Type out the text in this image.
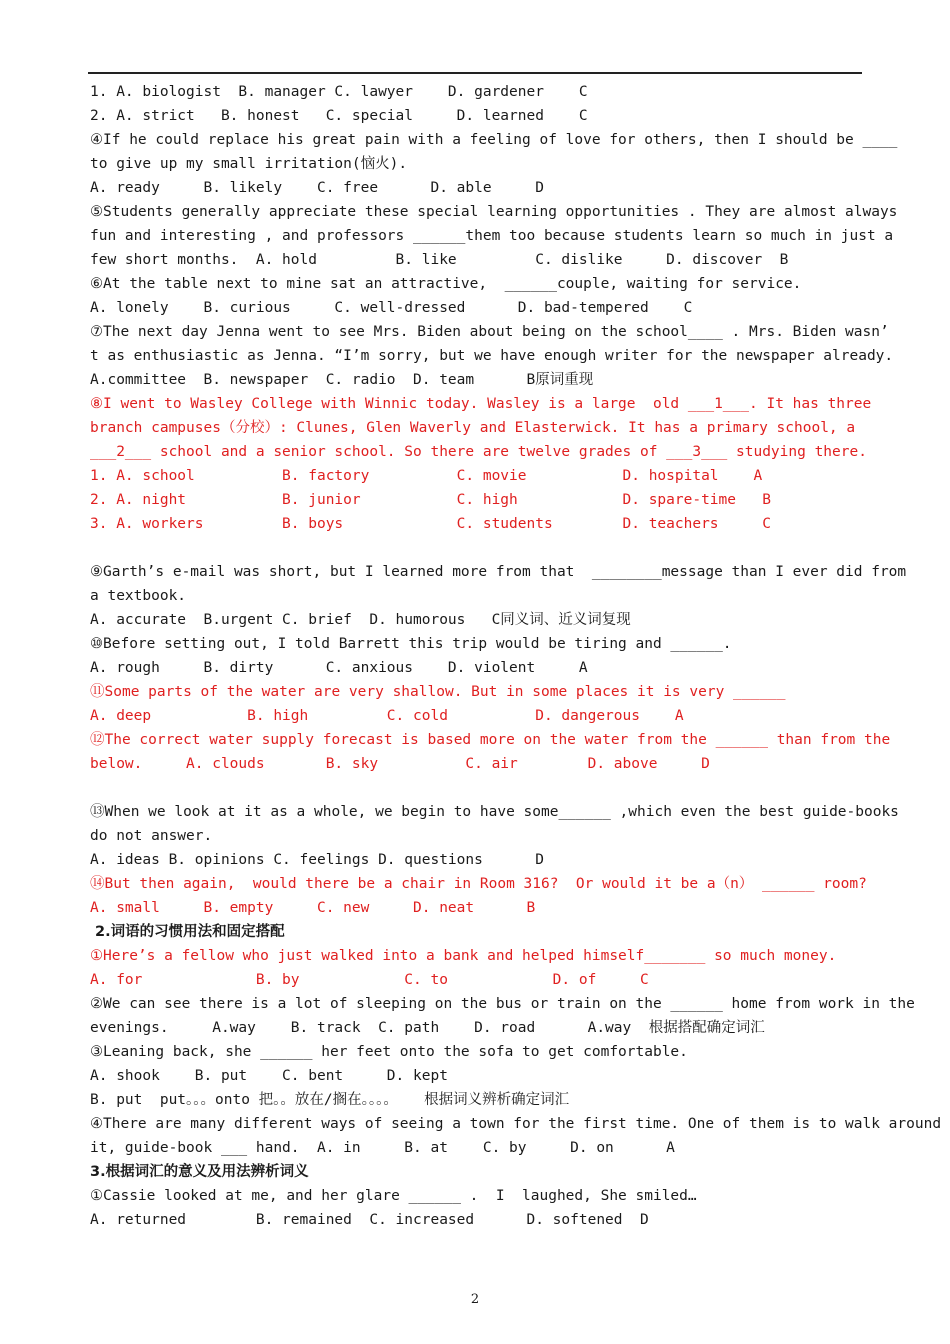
1. A. biologist  B. manager C. lawyer    D. gardener    C
2. A. strict   B. honest   C. special     D. learned    C
④If he could replace his great pain with a feeling of love for others, then I should be ____
to give up my small irritation(恼火).
A. ready     B. likely    C. free      D. able     D
⑤Students generally appreciate these special learning opportunities . They are almost always
fun and interesting , and professors ______them too because students learn so much in just a
few short months.  A. hold         B. like         C. dislike     D. discover  B
⑥At the table next to mine sat an attractive,  ______couple, waiting for service.
A. lonely    B. curious     C. well-dressed      D. bad-tempered    C
⑦The next day Jenna went to see Mrs. Biden about being on the school____ . Mrs. Biden wasn’
t as enthusiastic as Jenna. “I’m sorry, but we have enough writer for the newspaper already.
A.committee  B. newspaper  C. radio  D. team      B原词重现
⑧I went to Wasley College with Winnic today. Wasley is a large  old ___1___. It has three
branch campuses（分校）: Clunes, Glen Waverly and Elasterwick. It has a primary school, a
___2___ school and a senior school. So there are twelve grades of ___3___ studying there.
1. A. school          B. factory          C. movie           D. hospital    A
2. A. night           B. junior           C. high            D. spare-time   B
3. A. workers         B. boys             C. students        D. teachers     C
⑨Garth’s e-mail was short, but I learned more from that  ________message than I ever did from
a textbook.
A. accurate  B.urgent C. brief  D. humorous   C同义词、近义词复现
⑩Before setting out, I told Barrett this trip would be tiring and ______.
A. rough     B. dirty      C. anxious    D. violent     A
⑪Some parts of the water are very shallow. But in some places it is very ______
A. deep           B. high         C. cold          D. dangerous    A
⑫The correct water supply forecast is based more on the water from the ______ than from the
below.     A. clouds       B. sky          C. air        D. above     D
⑬When we look at it as a whole, we begin to have some______ ,which even the best guide-books
do not answer.
A. ideas B. opinions C. feelings D. questions      D
⑭But then again,  would there be a chair in Room 316?  Or would it be a（n） ______ room?
A. small     B. empty     C. new     D. neat      B
2.词语的习惯用法和固定搭配
①Here’s a fellow who just walked into a bank and helped himself_______ so much money.
A. for             B. by            C. to            D. of     C
②We can see there is a lot of sleeping on the bus or train on the ______ home from work in the
evenings.     A.way    B. track  C. path    D. road      A.way  根据搭配确定词汇
③Leaning back, she ______ her feet onto the sofa to get comfortable.
A. shook    B. put    C. bent     D. kept
B. put  put。。。onto 把。。放在/搁在。。。。   根据词义辨析确定词汇
④There are many different ways of seeing a town for the first time. One of them is to walk around
it, guide-book ___ hand.  A. in     B. at    C. by     D. on      A
3.根据词汇的意义及用法辨析词义
①Cassie looked at me, and her glare ______ .  I  laughed, She smiled…
A. returned        B. remained  C. increased      D. softened  D
2
